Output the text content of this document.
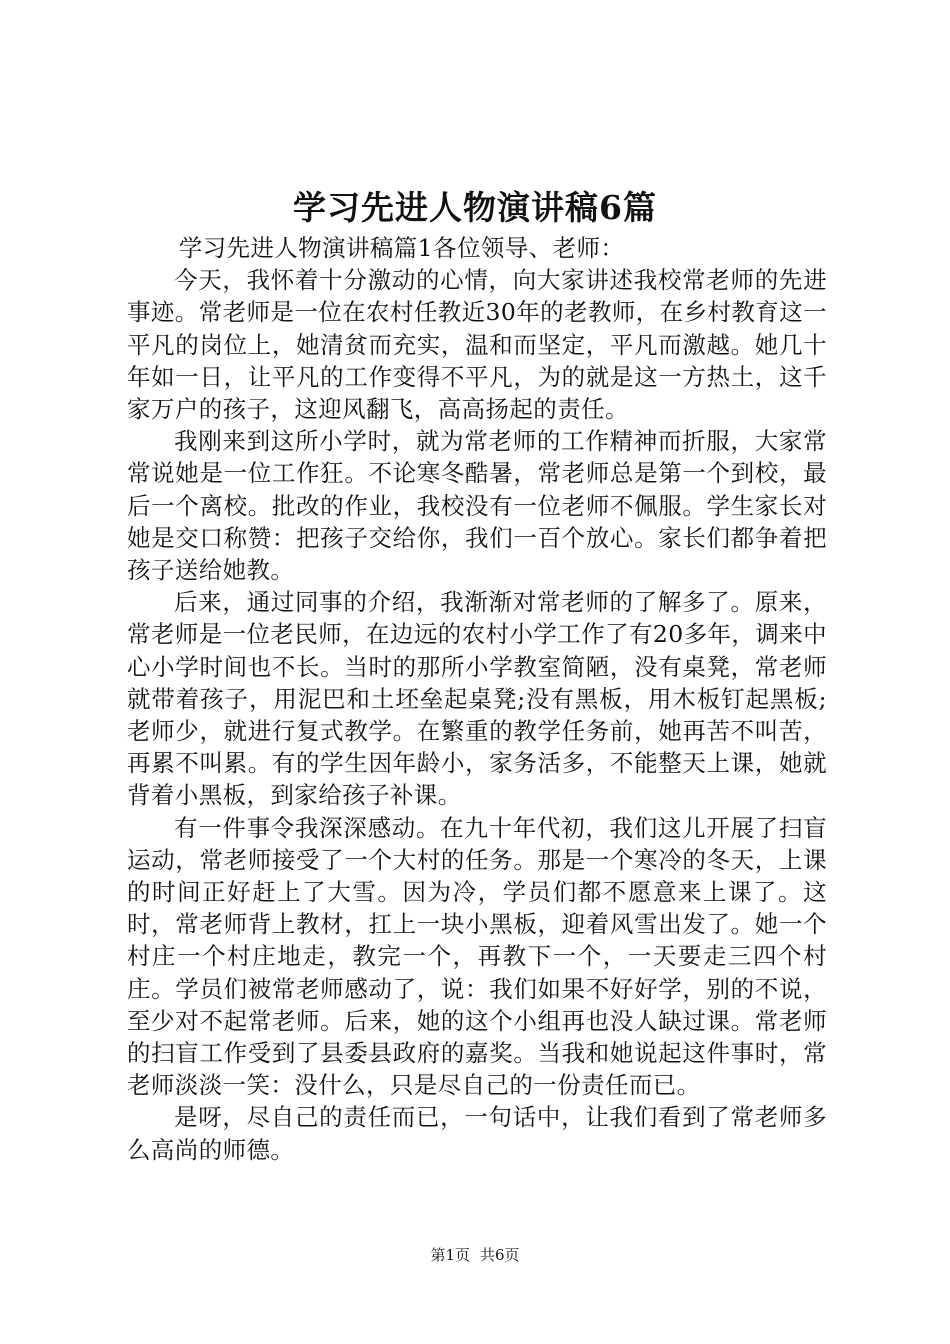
学习先进人物演讲稿6篇

学习先进人物演讲稿篇1各位领导、老师：

今天，我怀着十分激动的心情，向大家讲述我校常老师的先进事迹。常老师是一位在农村任教近30年的老教师，在乡村教育这一平凡的岗位上，她清贫而充实，温和而坚定，平凡而激越。她几十年如一日，让平凡的工作变得不平凡，为的就是这一方热土，这千家万户的孩子，这迎风翻飞，高高扬起的责任。

我刚来到这所小学时，就为常老师的工作精神而折服，大家常常说她是一位工作狂。不论寒冬酷暑，常老师总是第一个到校，最后一个离校。批改的作业，我校没有一位老师不佩服。学生家长对她是交口称赞：把孩子交给你，我们一百个放心。家长们都争着把孩子送给她教。

后来，通过同事的介绍，我渐渐对常老师的了解多了。原来，常老师是一位老民师，在边远的农村小学工作了有20多年，调来中心小学时间也不长。当时的那所小学教室简陋，没有桌凳，常老师就带着孩子，用泥巴和土坯垒起桌凳;没有黑板，用木板钉起黑板;老师少，就进行复式教学。在繁重的教学任务前，她再苦不叫苦，再累不叫累。有的学生因年龄小，家务活多，不能整天上课，她就背着小黑板，到家给孩子补课。

有一件事令我深深感动。在九十年代初，我们这儿开展了扫盲运动，常老师接受了一个大村的任务。那是一个寒冷的冬天，上课的时间正好赶上了大雪。因为冷，学员们都不愿意来上课了。这时，常老师背上教材，扛上一块小黑板，迎着风雪出发了。她一个村庄一个村庄地走，教完一个，再教下一个，一天要走三四个村庄。学员们被常老师感动了，说：我们如果不好好学，别的不说，至少对不起常老师。后来，她的这个小组再也没人缺过课。常老师的扫盲工作受到了县委县政府的嘉奖。当我和她说起这件事时，常老师淡淡一笑：没什么，只是尽自己的一份责任而已。

是呀，尽自己的责任而已，一句话中，让我们看到了常老师多么高尚的师德。

第1页 共6页
